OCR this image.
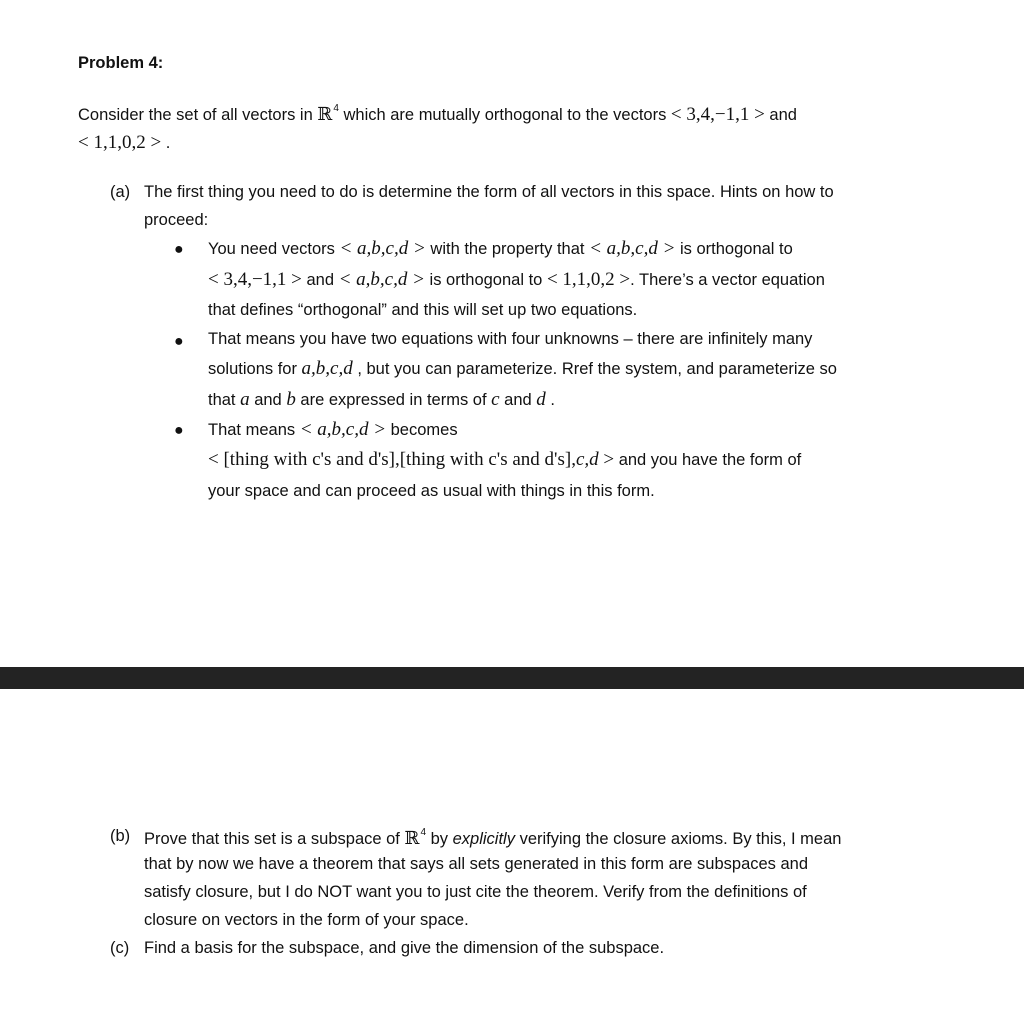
Problem 4:
Consider the set of all vectors in ℝ$^4$ which are mutually orthogonal to the vectors < 3,4,−1,1 > and
< 1,1,0,2 > .
(a) The first thing you need to do is determine the form of all vectors in this space. Hints on how to
proceed:
● You need vectors < a,b,c,d > with the property that < a,b,c,d > is orthogonal to
< 3,4,−1,1 > and < a,b,c,d > is orthogonal to < 1,1,0,2 >. There’s a vector equation
that defines “orthogonal” and this will set up two equations.
● That means you have two equations with four unknowns – there are infinitely many
solutions for a,b,c,d , but you can parameterize. Rref the system, and parameterize so
that a and b are expressed in terms of c and d .
● That means < a,b,c,d > becomes
< [thing with c's and d's],[thing with c's and d's],c,d > and you have the form of
your space and can proceed as usual with things in this form.
(b) Prove that this set is a subspace of ℝ$^4$ by explicitly verifying the closure axioms. By this, I mean
that by now we have a theorem that says all sets generated in this form are subspaces and
satisfy closure, but I do NOT want you to just cite the theorem. Verify from the definitions of
closure on vectors in the form of your space.
(c) Find a basis for the subspace, and give the dimension of the subspace.
